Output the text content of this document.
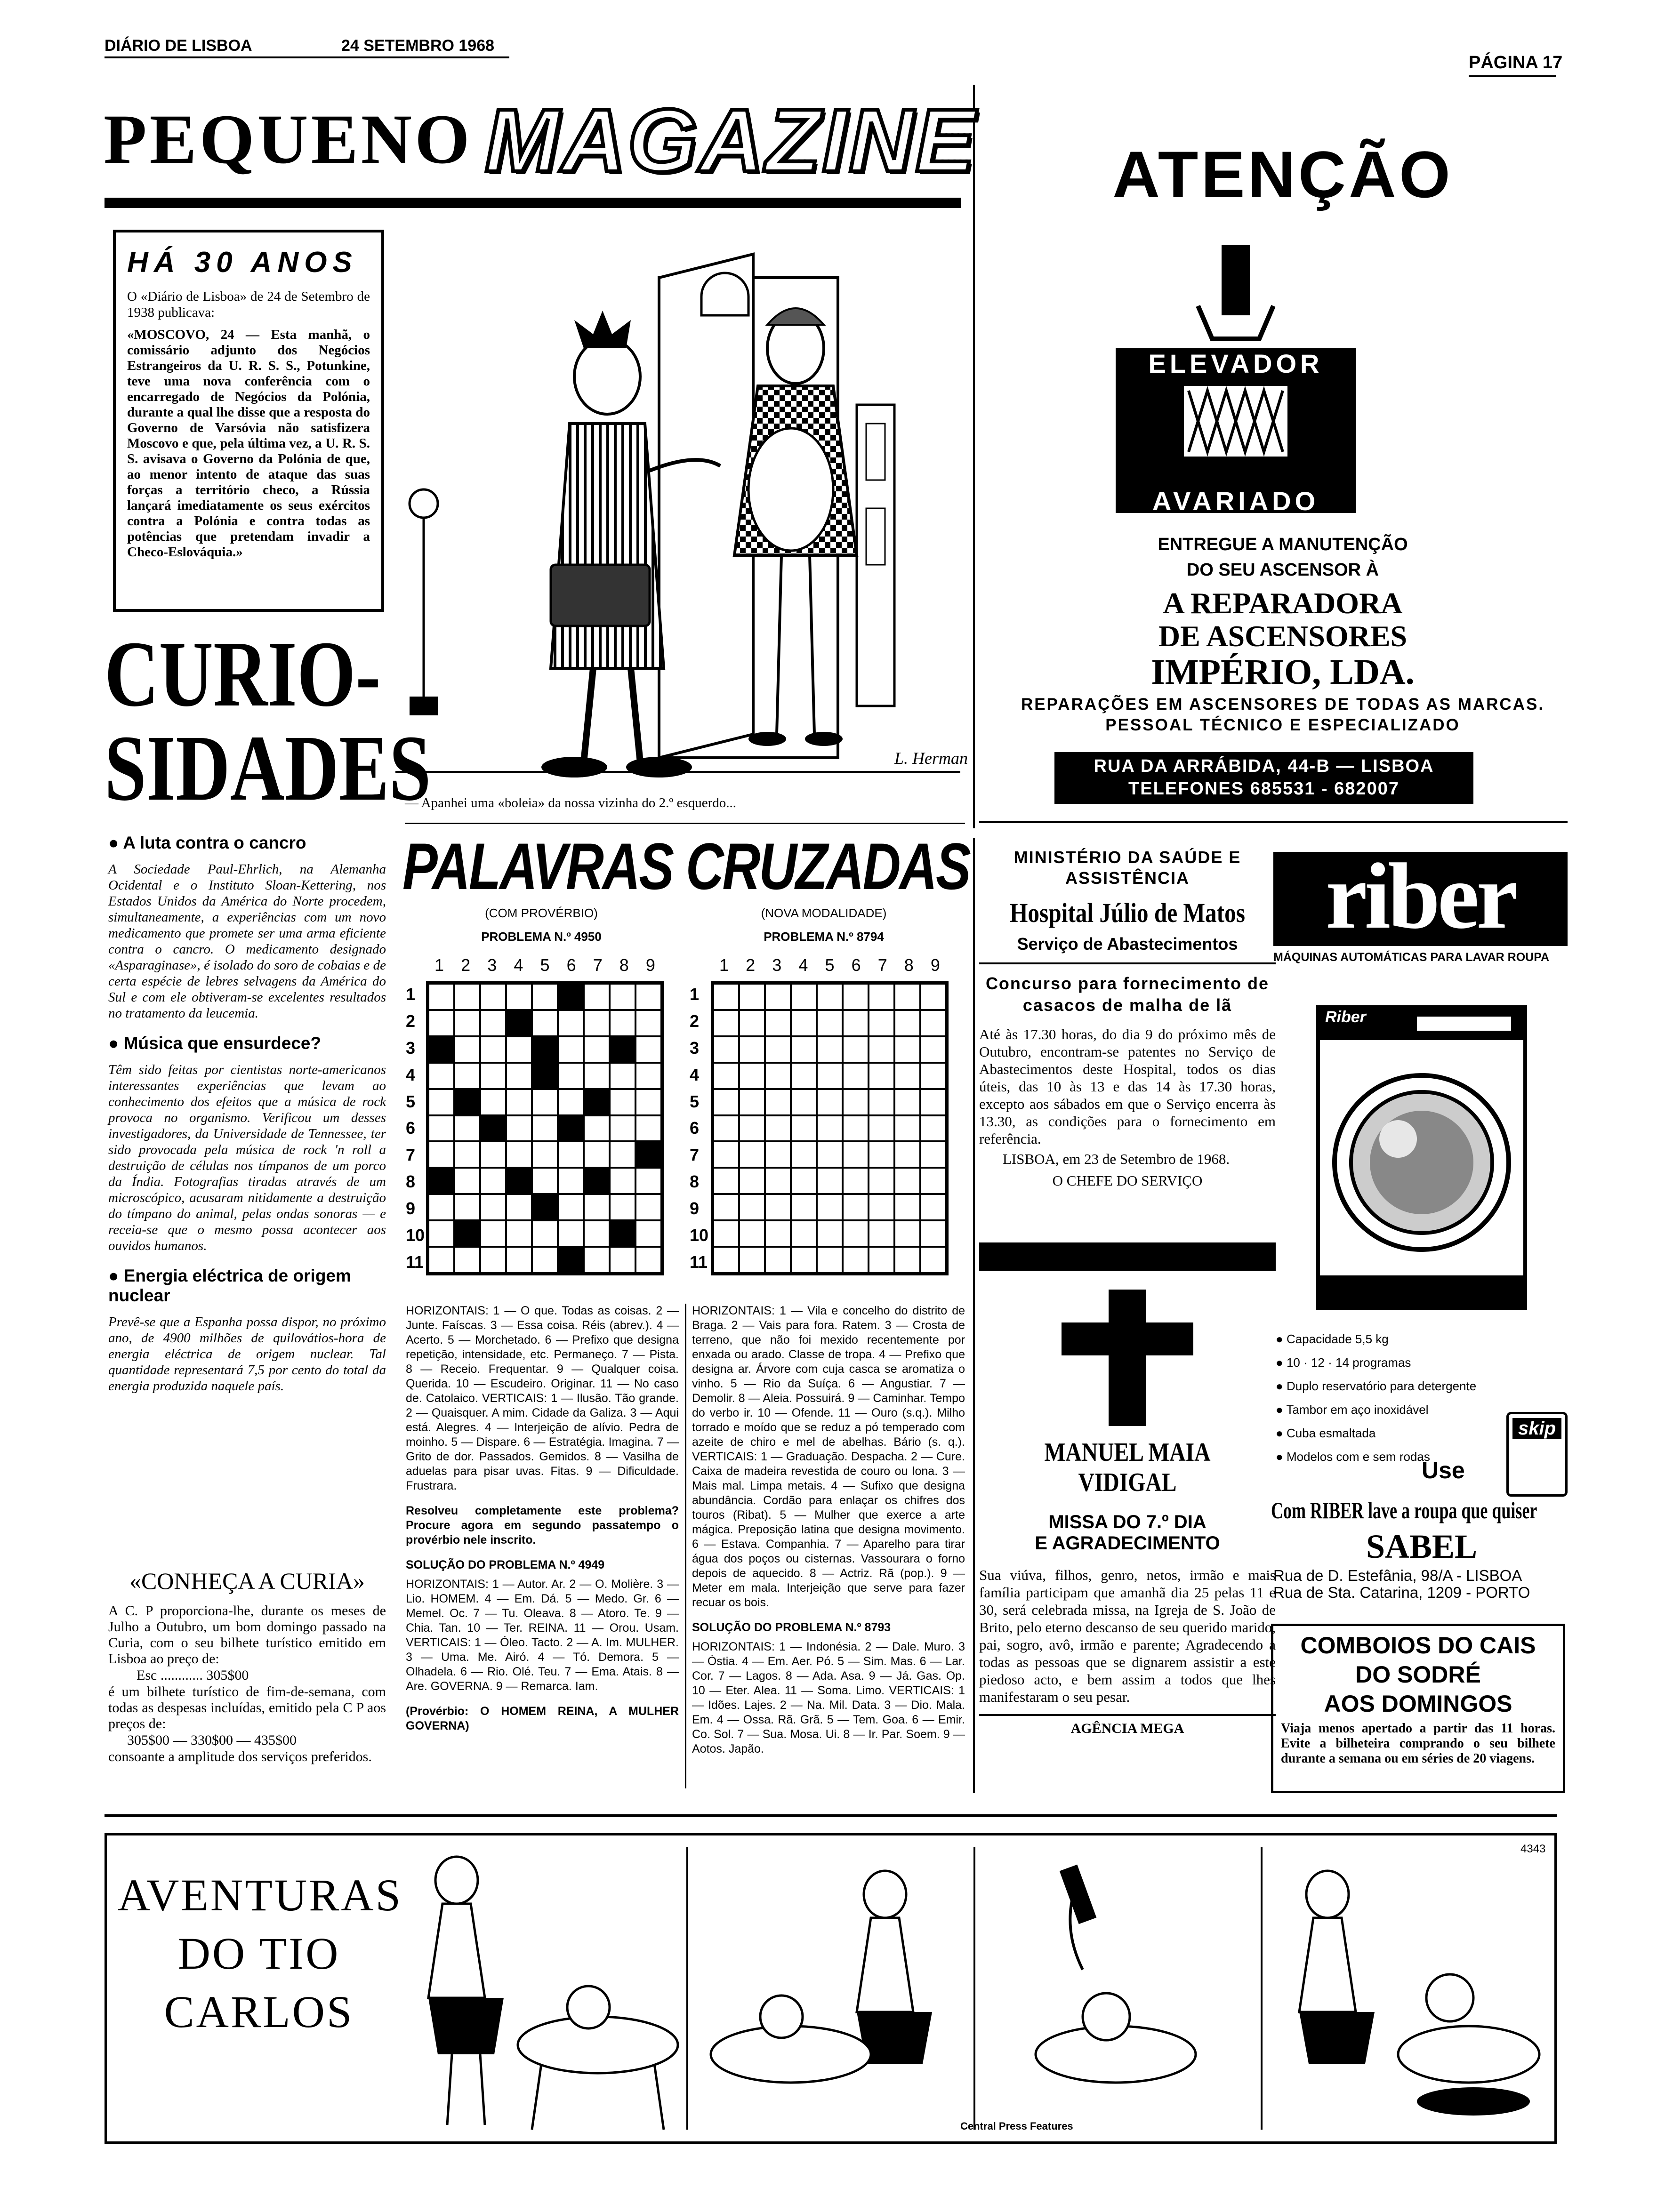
DIÁRIO DE LISBOA	24 SETEMBRO 1968
PÁGINA 17
PEQUENO MAGAZINE
HÁ 30 ANOS

O «Diário de Lisboa» de 24 de Setembro de 1938 publicava:

«MOSCOVO, 24 — Esta manhã, o comissário adjunto dos Negócios Estrangeiros da U. R. S. S., Potunkine, teve uma nova conferência com o encarregado de Negócios da Polónia, durante a qual lhe disse que a resposta do Governo de Varsóvia não satisfizera Moscovo e que, pela última vez, a U. R. S. S. avisava o Governo da Polónia de que, ao menor intento de ataque das suas forças a território checo, a Rússia lançará imediatamente os seus exércitos contra a Polónia e contra todas as potências que pretendam invadir a Checo-Eslováquia.»

CURIO-
SIDADES
● A luta contra o cancro

A Sociedade Paul-Ehrlich, na Alemanha Ocidental e o Instituto Sloan-Kettering, nos Estados Unidos da América do Norte procedem, simultaneamente, a experiências com um novo medicamento que promete ser uma arma eficiente contra o cancro. O medicamento designado «Asparaginase», é isolado do soro de cobaias e de certa espécie de lebres selvagens da América do Sul e com ele obtiveram-se excelentes resultados no tratamento da leucemia.

● Música que ensurdece?

Têm sido feitas por cientistas norte-americanos interessantes experiências que levam ao conhecimento dos efeitos que a música de rock provoca no organismo. Verificou um desses investigadores, da Universidade de Tennessee, ter sido provocada pela música de rock 'n roll a destruição de células nos tímpanos de um porco da Índia. Fotografias tiradas através de um microscópico, acusaram nitidamente a destruição do tímpano do animal, pelas ondas sonoras — e receia-se que o mesmo possa acontecer aos ouvidos humanos.

● Energia eléctrica de origem nuclear

Prevê-se que a Espanha possa dispor, no próximo ano, de 4900 milhões de quilovátios-hora de energia eléctrica de origem nuclear. Tal quantidade representará 7,5 por cento do total da energia produzida naquele país.

«CONHEÇA A CURIA»

A C. P proporciona-lhe, durante os meses de Julho a Outubro, um bom domingo passado na Curia, com o seu bilhete turístico emitido em Lisboa ao preço de:

Esc ............ 305$00

é um bilhete turístico de fim-de-semana, com todas as despesas incluídas, emitido pela C P aos preços de:

305$00 — 330$00 — 435$00

consoante a amplitude dos serviços preferidos.

L. Herman
— Apanhei uma «boleia» da nossa vizinha do 2.º esquerdo...
PALAVRAS CRUZADAS
(COM PROVÉRBIO)
PROBLEMA N.º 4950
1 2 3 4 5 6 7 8 9
1
2
3
4
5
6
7
8
9
10
11
(NOVA MODALIDADE)
PROBLEMA N.º 8794
1 2 3 4 5 6 7 8 9
1
2
3
4
5
6
7
8
9
10
11

HORIZONTAIS: 1 — O que. Todas as coisas. 2 — Junte. Faíscas. 3 — Essa coisa. Réis (abrev.). 4 — Acerto. 5 — Morchetado. 6 — Prefixo que designa repetição, intensidade, etc. Permaneço. 7 — Pista. 8 — Receio. Frequentar. 9 — Qualquer coisa. Querida. 10 — Escudeiro. Originar. 11 — No caso de. Catolaico. VERTICAIS: 1 — Ilusão. Tão grande. 2 — Quaisquer. A mim. Cidade da Galiza. 3 — Aqui está. Alegres. 4 — Interjeição de alívio. Pedra de moinho. 5 — Dispare. 6 — Estratégia. Imagina. 7 — Grito de dor. Passados. Gemidos. 8 — Vasilha de aduelas para pisar uvas. Fitas. 9 — Dificuldade. Frustrara.

Resolveu completamente este problema? Procure agora em segundo passatempo o provérbio nele inscrito.

SOLUÇÃO DO PROBLEMA N.º 4949

HORIZONTAIS: 1 — Autor. Ar. 2 — O. Molière. 3 — Lio. HOMEM. 4 — Em. Dá. 5 — Medo. Gr. 6 — Memel. Oc. 7 — Tu. Oleava. 8 — Atoro. Te. 9 — Chia. Tan. 10 — Ter. REINA. 11 — Orou. Usam. VERTICAIS: 1 — Óleo. Tacto. 2 — A. Im. MULHER. 3 — Uma. Me. Airó. 4 — Tó. Demora. 5 — Olhadela. 6 — Rio. Olé. Teu. 7 — Ema. Atais. 8 — Are. GOVERNA. 9 — Remarca. Iam.

(Provérbio: O HOMEM REINA, A MULHER GOVERNA)

HORIZONTAIS: 1 — Vila e concelho do distrito de Braga. 2 — Vais para fora. Ratem. 3 — Crosta de terreno, que não foi mexido recentemente por enxada ou arado. Classe de tropa. 4 — Prefixo que designa ar. Árvore com cuja casca se aromatiza o vinho. 5 — Rio da Suíça. 6 — Angustiar. 7 — Demolir. 8 — Aleia. Possuirá. 9 — Caminhar. Tempo do verbo ir. 10 — Ofende. 11 — Ouro (s.q.). Milho torrado e moído que se reduz a pó temperado com azeite de chiro e mel de abelhas. Bário (s. q.). VERTICAIS: 1 — Graduação. Despacha. 2 — Cure. Caixa de madeira revestida de couro ou lona. 3 — Mais mal. Limpa metais. 4 — Sufixo que designa abundância. Cordão para enlaçar os chifres dos touros (Ribat). 5 — Mulher que exerce a arte mágica. Preposição latina que designa movimento. 6 — Estava. Companhia. 7 — Aparelho para tirar água dos poços ou cisternas. Vassourara o forno depois de aquecido. 8 — Actriz. Rã (pop.). 9 — Meter em mala. Interjeição que serve para fazer recuar os bois.

SOLUÇÃO DO PROBLEMA N.º 8793

HORIZONTAIS: 1 — Indonésia. 2 — Dale. Muro. 3 — Óstia. 4 — Em. Aer. Pó. 5 — Sim. Mas. 6 — Lar. Cor. 7 — Lagos. 8 — Ada. Asa. 9 — Já. Gas. Op. 10 — Eter. Alea. 11 — Soma. Limo. VERTICAIS: 1 — Idões. Lajes. 2 — Na. Mil. Data. 3 — Dio. Mala. Em. 4 — Ossa. Rã. Grã. 5 — Tem. Goa. 6 — Emir. Co. Sol. 7 — Sua. Mosa. Ui. 8 — Ir. Par. Soem. 9 — Aotos. Japão.

ATENÇÃO
ELEVADOR
AVARIADO
ENTREGUE A MANUTENÇÃO
DO SEU ASCENSOR À
A REPARADORA
DE ASCENSORES
IMPÉRIO, LDA.
REPARAÇÕES EM ASCENSORES DE TODAS AS MARCAS. PESSOAL TÉCNICO E ESPECIALIZADO
RUA DA ARRÁBIDA, 44-B — LISBOA
TELEFONES 685531 - 682007
MINISTÉRIO DA SAÚDE E ASSISTÊNCIA
Hospital Júlio de Matos
Serviço de Abastecimentos
Concurso para fornecimento de casacos de malha de lã

Até às 17.30 horas, do dia 9 do próximo mês de Outubro, encontram-se patentes no Serviço de Abastecimentos deste Hospital, todos os dias úteis, das 10 às 13 e das 14 às 17.30 horas, excepto aos sábados em que o Serviço encerra às 13.30, as condições para o fornecimento em referência.

LISBOA, em 23 de Setembro de 1968.

O CHEFE DO SERVIÇO

MANUEL MAIA VIDIGAL
MISSA DO 7.º DIA
E AGRADECIMENTO

Sua viúva, filhos, genro, netos, irmão e mais família participam que amanhã dia 25 pelas 11 e 30, será celebrada missa, na Igreja de S. João de Brito, pelo eterno descanso de seu querido marido, pai, sogro, avô, irmão e parente; Agradecendo a todas as pessoas que se dignarem assistir a este piedoso acto, e bem assim a todos que lhes manifestaram o seu pesar.

AGÊNCIA MEGA
riber
MÁQUINAS AUTOMÁTICAS PARA LAVAR ROUPA
Riber
● Capacidade 5,5 kg
● 10 · 12 · 14 programas
● Duplo reservatório para detergente
● Tambor em aço inoxidável
● Cuba esmaltada
● Modelos com e sem rodas
skip
Use
Com RIBER lave a roupa que quiser
SABEL
Rua de D. Estefânia, 98/A - LISBOA
Rua de Sta. Catarina, 1209 - PORTO
COMBOIOS DO CAIS
DO SODRÉ
AOS DOMINGOS

Viaja menos apertado a partir das 11 horas. Evite a bilheteira comprando o seu bilhete durante a semana ou em séries de 20 viagens.

AVENTURAS
DO TIO
CARLOS
Central Press Features
4343
